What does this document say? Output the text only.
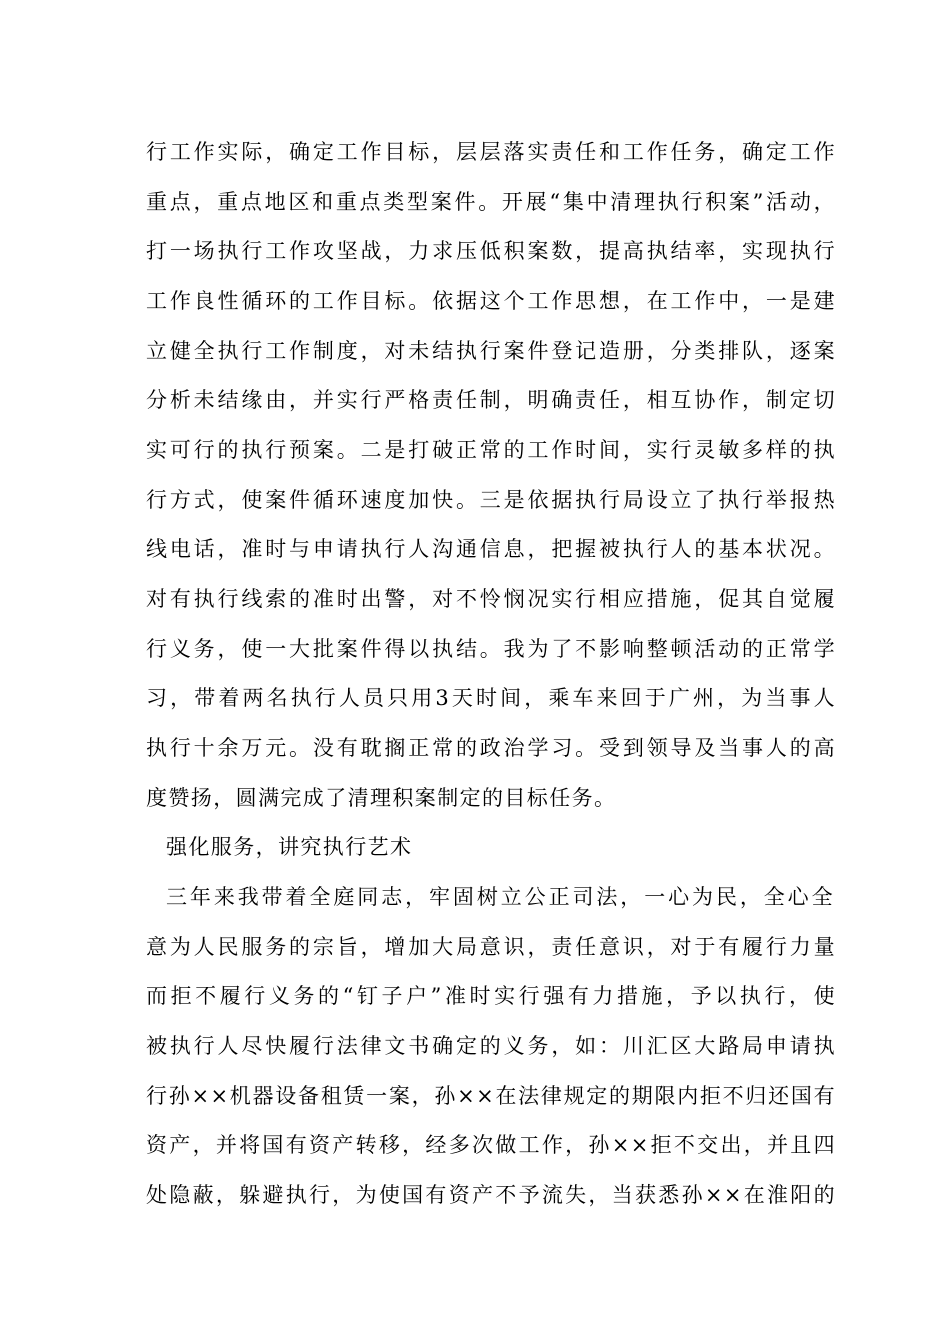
行工作实际，确定工作目标，层层落实责任和工作任务，确定工作
重点，重点地区和重点类型案件。开展“集中清理执行积案”活动，
打一场执行工作攻坚战，力求压低积案数，提高执结率，实现执行
工作良性循环的工作目标。依据这个工作思想，在工作中，一是建
立健全执行工作制度，对未结执行案件登记造册，分类排队，逐案
分析未结缘由，并实行严格责任制，明确责任，相互协作，制定切
实可行的执行预案。二是打破正常的工作时间，实行灵敏多样的执
行方式，使案件循环速度加快。三是依据执行局设立了执行举报热
线电话，准时与申请执行人沟通信息，把握被执行人的基本状况。
对有执行线索的准时出警，对不怜悯况实行相应措施，促其自觉履
行义务，使一大批案件得以执结。我为了不影响整顿活动的正常学
习，带着两名执行人员只用3天时间，乘车来回于广州，为当事人
执行十余万元。没有耽搁正常的政治学习。受到领导及当事人的高
度赞扬，圆满完成了清理积案制定的目标任务。
强化服务，讲究执行艺术
三年来我带着全庭同志，牢固树立公正司法，一心为民，全心全
意为人民服务的宗旨，增加大局意识，责任意识，对于有履行力量
而拒不履行义务的“钉子户”准时实行强有力措施，予以执行，使
被执行人尽快履行法律文书确定的义务，如：川汇区大路局申请执
行孙××机器设备租赁一案，孙××在法律规定的期限内拒不归还国有
资产，并将国有资产转移，经多次做工作，孙××拒不交出，并且四
处隐蔽，躲避执行，为使国有资产不予流失，当获悉孙××在淮阳的
